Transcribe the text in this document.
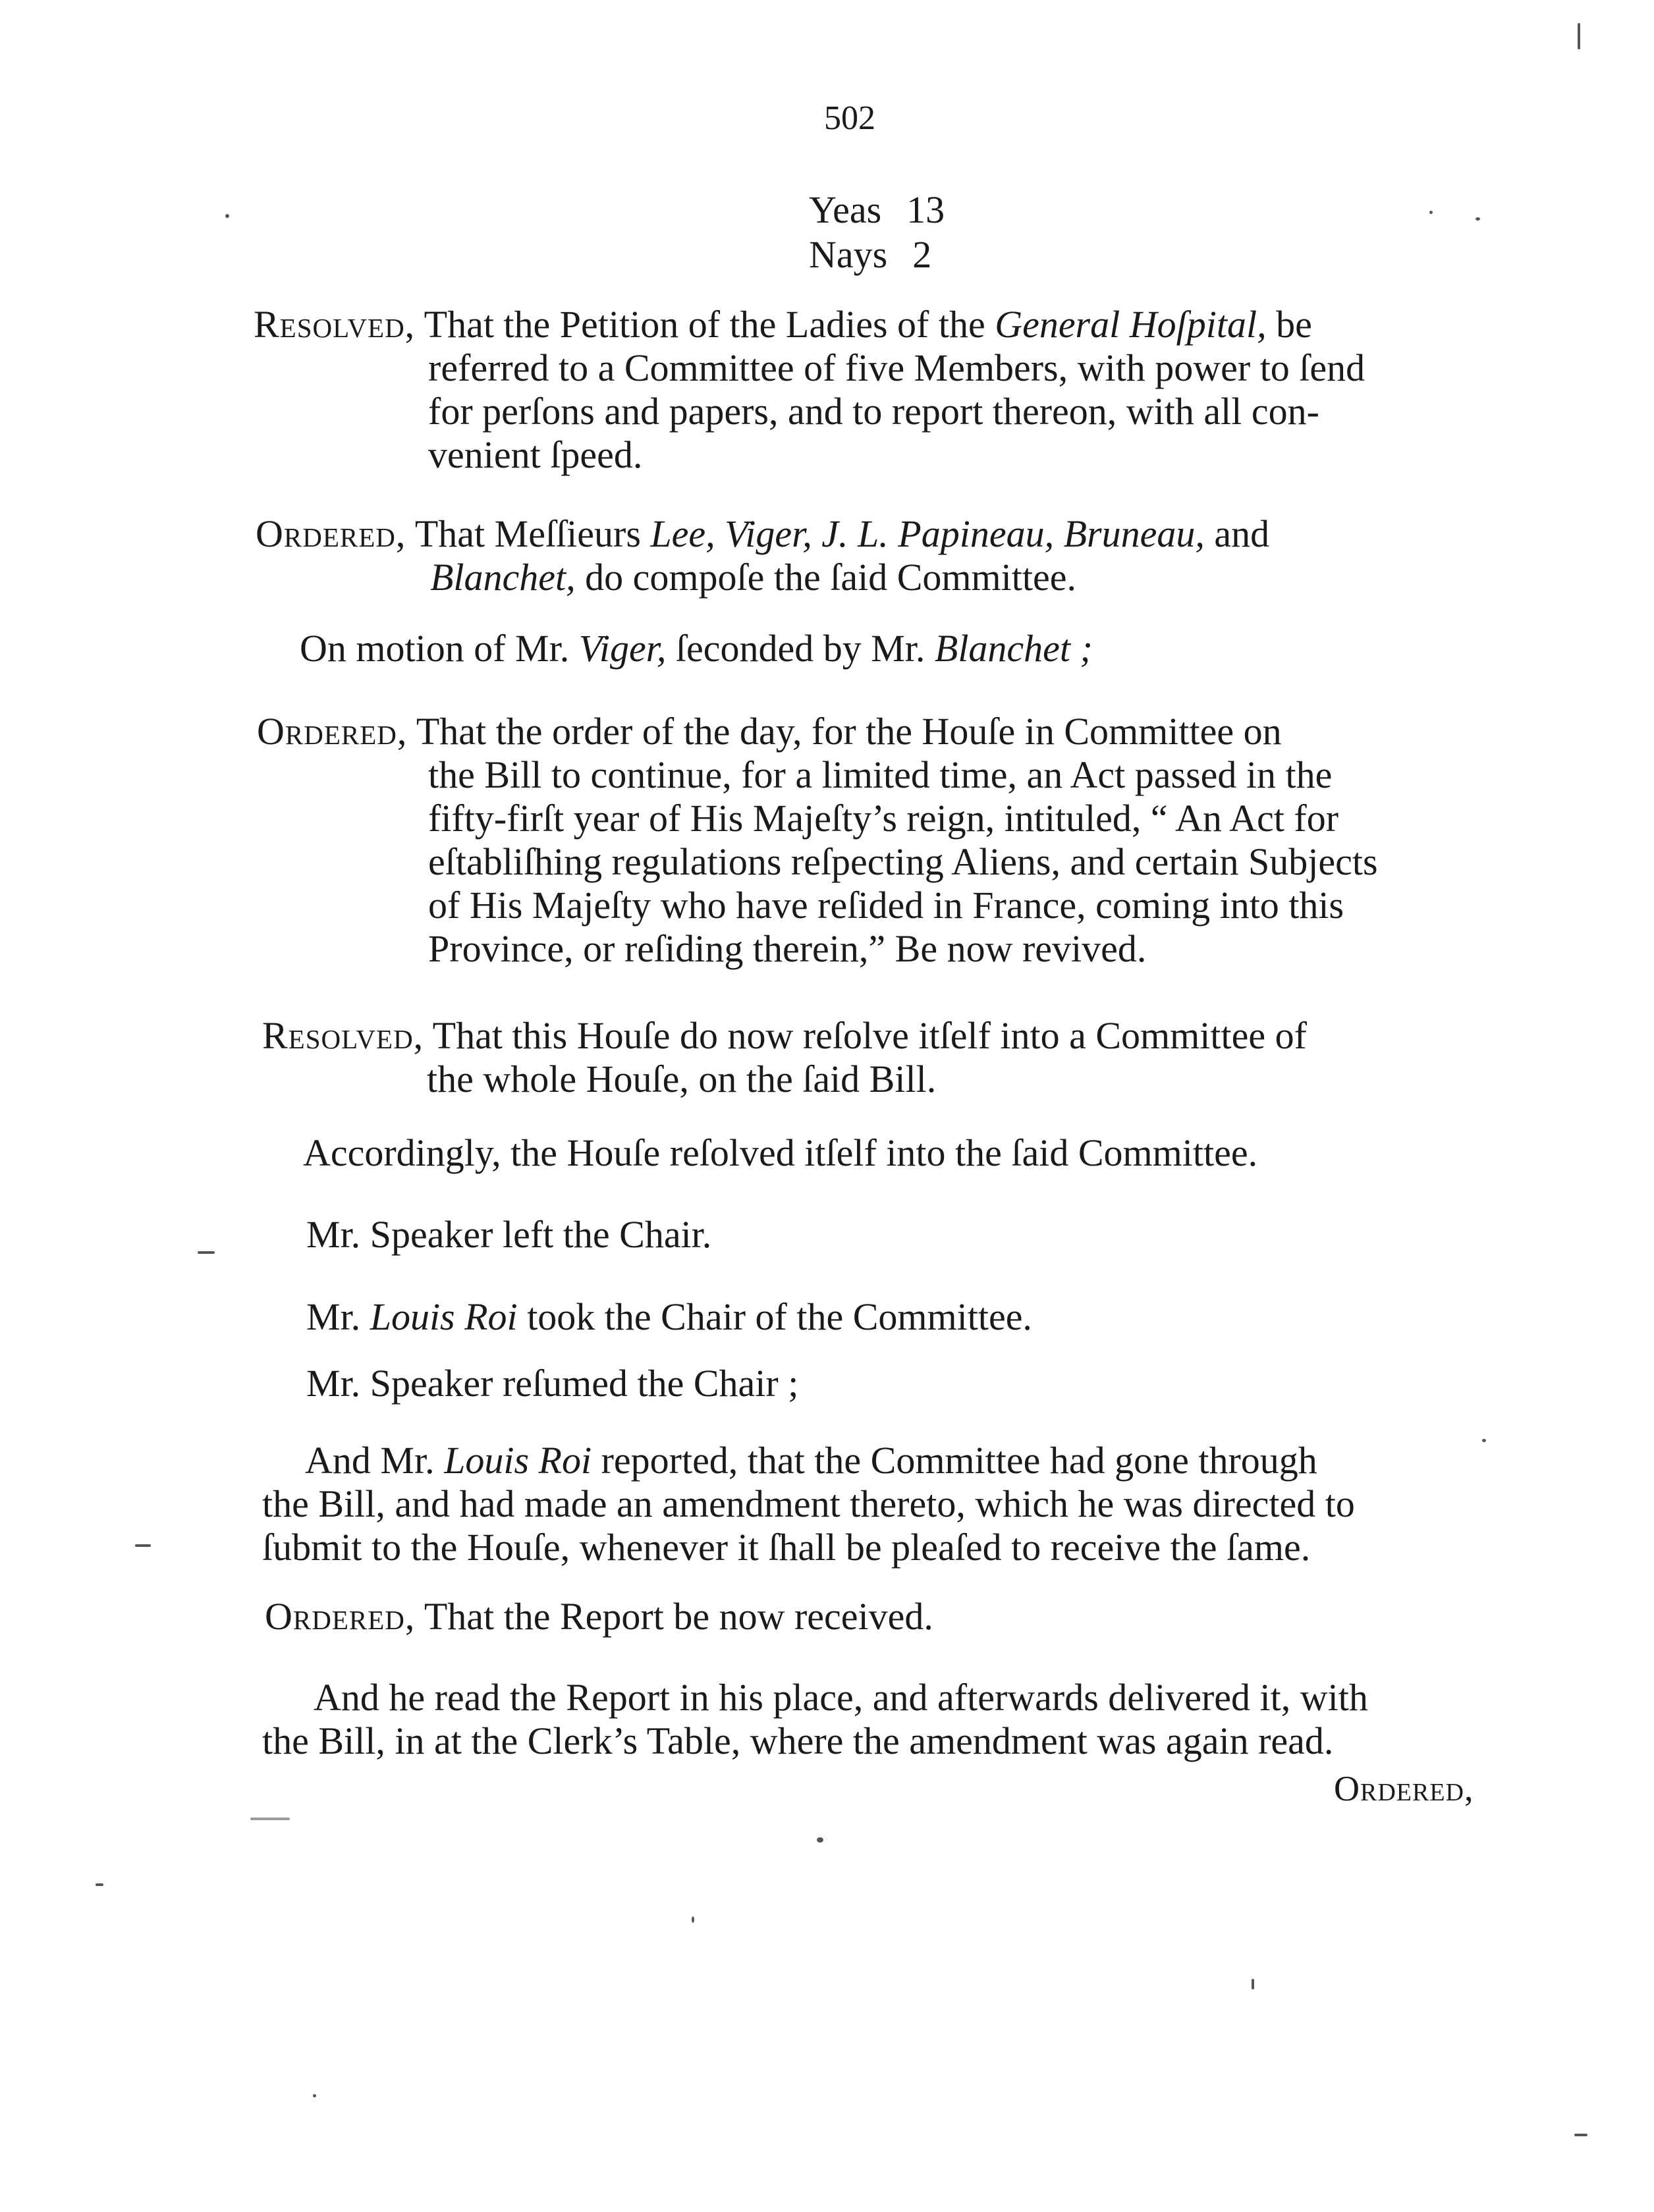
502
Yeas 13
Nays 2
Resolved, That the Petition of the Ladies of the General Hoſpital, be
referred to a Committee of five Members, with power to ſend
for perſons and papers, and to report thereon, with all con-
venient ſpeed.
Ordered, That Meſſieurs Lee, Viger, J. L. Papineau, Bruneau, and
Blanchet, do compoſe the ſaid Committee.
On motion of Mr. Viger, ſeconded by Mr. Blanchet ;
Ordered, That the order of the day, for the Houſe in Committee on
the Bill to continue, for a limited time, an Act passed in the
fifty-firſt year of His Majeſty’s reign, intituled, “ An Act for
eſtabliſhing regulations reſpecting Aliens, and certain Subjects
of His Majeſty who have reſided in France, coming into this
Province, or reſiding therein,” Be now revived.
Resolved, That this Houſe do now reſolve itſelf into a Committee of
the whole Houſe, on the ſaid Bill.
Accordingly, the Houſe reſolved itſelf into the ſaid Committee.
Mr. Speaker left the Chair.
Mr. Louis Roi took the Chair of the Committee.
Mr. Speaker reſumed the Chair ;
And Mr. Louis Roi reported, that the Committee had gone through
the Bill, and had made an amendment thereto, which he was directed to
ſubmit to the Houſe, whenever it ſhall be pleaſed to receive the ſame.
Ordered, That the Report be now received.
And he read the Report in his place, and afterwards delivered it, with
the Bill, in at the Clerk’s Table, where the amendment was again read.
Ordered,
